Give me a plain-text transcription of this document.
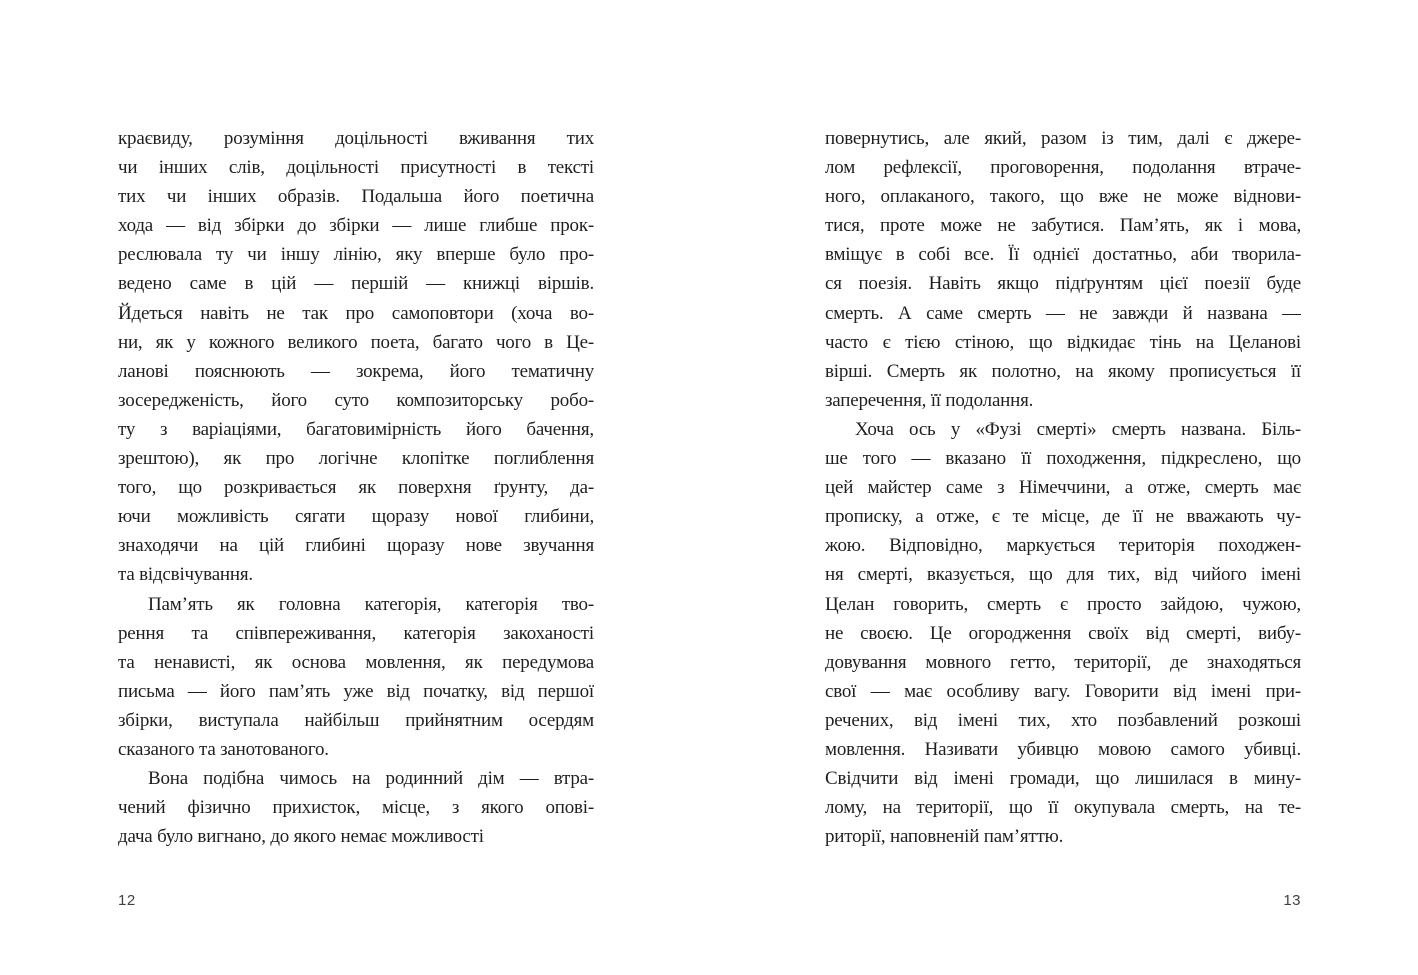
краєвиду, розуміння доцільності вживання тих
чи інших слів, доцільності присутності в тексті
тих чи інших образів. Подальша його поетична
хода — від збірки до збірки — лише глибше прок-
реслювала ту чи іншу лінію, яку вперше було про-
ведено саме в цій — першій — книжці віршів.
Йдеться навіть не так про самоповтори (хоча во-
ни, як у кожного великого поета, багато чого в Це-
ланові пояснюють — зокрема, його тематичну
зосередженість, його суто композиторську робо-
ту з варіаціями, багатовимірність його бачення,
зрештою), як про логічне клопітке поглиблення
того, що розкривається як поверхня ґрунту, да-
ючи можливість сягати щоразу нової глибини,
знаходячи на цій глибині щоразу нове звучання
та відсвічування.
Пам’ять як головна категорія, категорія тво-
рення та співпереживання, категорія закоханості
та ненависті, як основа мовлення, як передумова
письма — його пам’ять уже від початку, від першої
збірки, виступала найбільш прийнятним осердям
сказаного та занотованого.
Вона подібна чимось на родинний дім — втра-
чений фізично прихисток, місце, з якого опові-
дача було вигнано, до якого немає можливості
повернутись, але який, разом із тим, далі є джере-
лом рефлексії, проговорення, подолання втраче-
ного, оплаканого, такого, що вже не може віднови-
тися, проте може не забутися. Пам’ять, як і мова,
вміщує в собі все. Її однієї достатньо, аби творила-
ся поезія. Навіть якщо підґрунтям цієї поезії буде
смерть. А саме смерть — не завжди й названа —
часто є тією стіною, що відкидає тінь на Целанові
вірші. Смерть як полотно, на якому прописується її
заперечення, її подолання.
Хоча ось у «Фузі смерті» смерть названа. Біль-
ше того — вказано її походження, підкреслено, що
цей майстер саме з Німеччини, а отже, смерть має
прописку, а отже, є те місце, де її не вважають чу-
жою. Відповідно, маркується територія походжен-
ня смерті, вказується, що для тих, від чийого імені
Целан говорить, смерть є просто зайдою, чужою,
не своєю. Це огородження своїх від смерті, вибу-
довування мовного гетто, території, де знаходяться
свої — має особливу вагу. Говорити від імені при-
речених, від імені тих, хто позбавлений розкоші
мовлення. Називати убивцю мовою самого убивці.
Свідчити від імені громади, що лишилася в мину-
лому, на території, що її окупувала смерть, на те-
риторії, наповненій пам’яттю.
12	13
